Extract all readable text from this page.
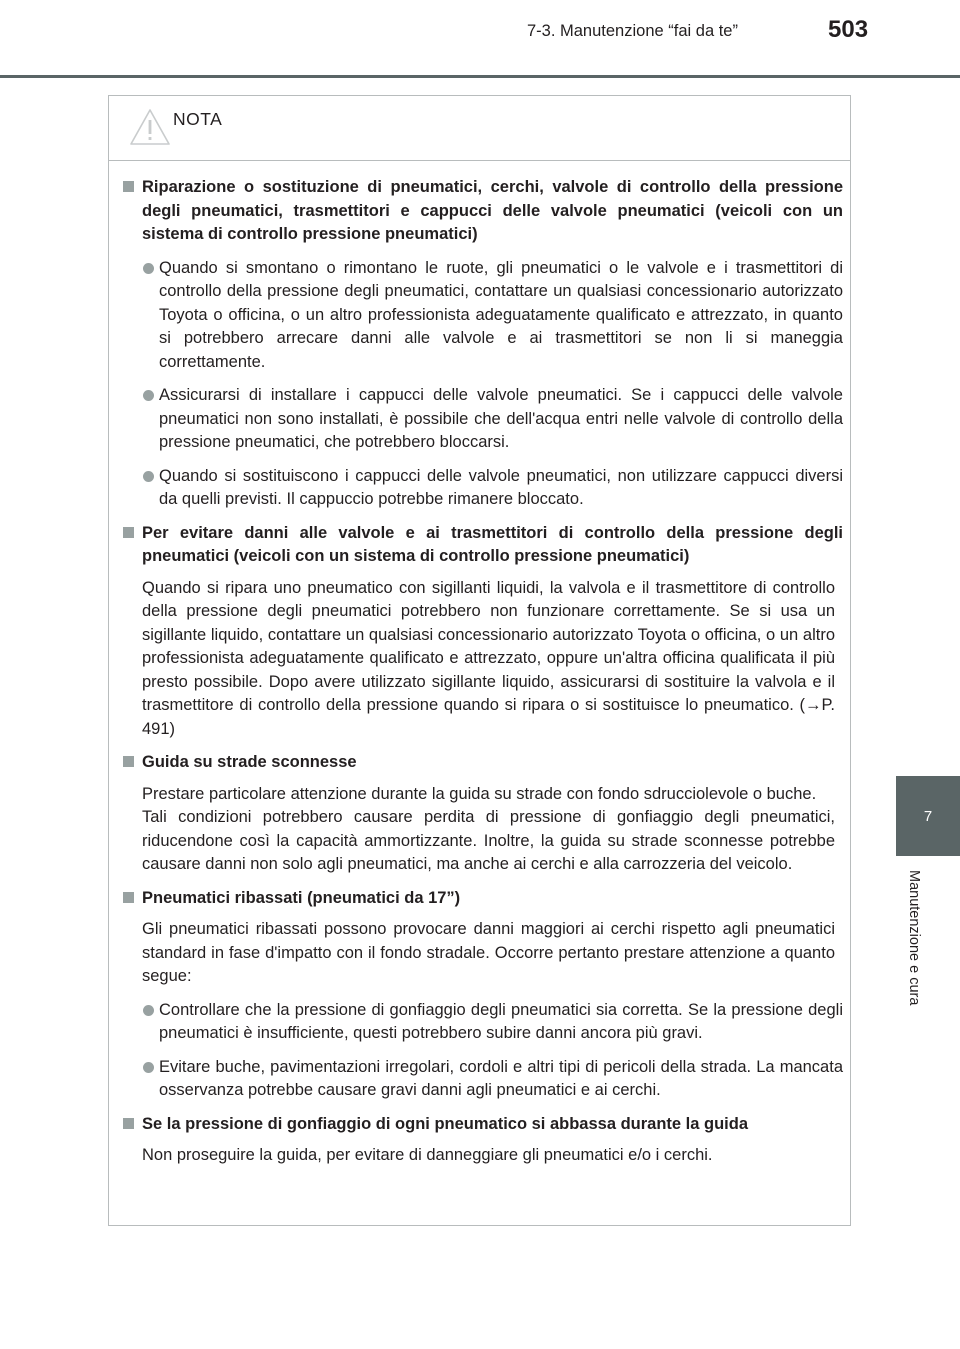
7-3. Manutenzione “fai da te”	503
7
Manutenzione e cura
NOTA
Riparazione o sostituzione di pneumatici, cerchi, valvole di controllo della pressione degli pneumatici, trasmettitori e cappucci delle valvole pneumatici (veicoli con un sistema di controllo pressione pneumatici)
Quando si smontano o rimontano le ruote, gli pneumatici o le valvole e i trasmettitori di controllo della pressione degli pneumatici, contattare un qualsiasi concessionario autorizzato Toyota o officina, o un altro professionista adeguatamente qualificato e attrezzato, in quanto si potrebbero arrecare danni alle valvole e ai trasmettitori se non li si maneggia correttamente.
Assicurarsi di installare i cappucci delle valvole pneumatici. Se i cappucci delle valvole pneumatici non sono installati, è possibile che dell'acqua entri nelle valvole di controllo della pressione pneumatici, che potrebbero bloccarsi.
Quando si sostituiscono i cappucci delle valvole pneumatici, non utilizzare cappucci diversi da quelli previsti. Il cappuccio potrebbe rimanere bloccato.
Per evitare danni alle valvole e ai trasmettitori di controllo della pressione degli pneumatici (veicoli con un sistema di controllo pressione pneumatici)
Quando si ripara uno pneumatico con sigillanti liquidi, la valvola e il trasmettitore di controllo della pressione degli pneumatici potrebbero non funzionare correttamente. Se si usa un sigillante liquido, contattare un qualsiasi concessionario autorizzato Toyota o officina, o un altro professionista adeguatamente qualificato e attrezzato, oppure un'altra officina qualificata il più presto possibile. Dopo avere utilizzato sigillante liquido, assicurarsi di sostituire la valvola e il trasmettitore di controllo della pressione quando si ripara o si sostituisce lo pneumatico. (→P. 491)
Guida su strade sconnesse
Prestare particolare attenzione durante la guida su strade con fondo sdrucciolevole o buche.
Tali condizioni potrebbero causare perdita di pressione di gonfiaggio degli pneumatici, riducendone così la capacità ammortizzante. Inoltre, la guida su strade sconnesse potrebbe causare danni non solo agli pneumatici, ma anche ai cerchi e alla carrozzeria del veicolo.
Pneumatici ribassati (pneumatici da 17”)
Gli pneumatici ribassati possono provocare danni maggiori ai cerchi rispetto agli pneumatici standard in fase d'impatto con il fondo stradale. Occorre pertanto prestare attenzione a quanto segue:
Controllare che la pressione di gonfiaggio degli pneumatici sia corretta. Se la pressione degli pneumatici è insufficiente, questi potrebbero subire danni ancora più gravi.
Evitare buche, pavimentazioni irregolari, cordoli e altri tipi di pericoli della strada. La mancata osservanza potrebbe causare gravi danni agli pneumatici e ai cerchi.
Se la pressione di gonfiaggio di ogni pneumatico si abbassa durante la guida
Non proseguire la guida, per evitare di danneggiare gli pneumatici e/o i cerchi.
